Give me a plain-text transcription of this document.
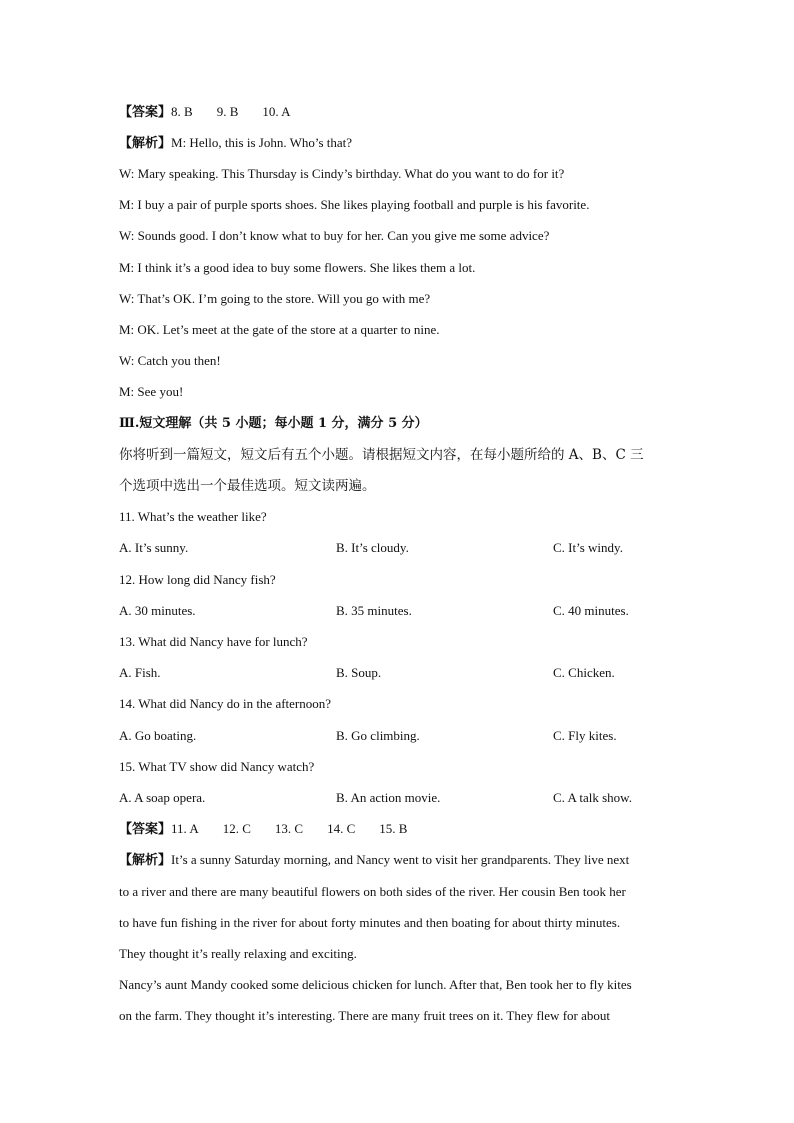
【答案】8. B 9. B 10. A
【解析】M: Hello, this is John. Who’s that?
W: Mary speaking. This Thursday is Cindy’s birthday. What do you want to do for it?
M: I buy a pair of purple sports shoes. She likes playing football and purple is his favorite.
W: Sounds good. I don’t know what to buy for her. Can you give me some advice?
M: I think it’s a good idea to buy some flowers. She likes them a lot.
W: That’s OK. I’m going to the store. Will you go with me?
M: OK. Let’s meet at the gate of the store at a quarter to nine.
W: Catch you then!
M: See you!
Ⅲ.短文理解（共 5 小题；每小题 1 分，满分 5 分）
你将听到一篇短文，短文后有五个小题。请根据短文内容，在每小题所给的 A、B、C 三
个选项中选出一个最佳选项。短文读两遍。
11. What’s the weather like?
A. It’s sunny.	B. It’s cloudy.	C. It’s windy.
12. How long did Nancy fish?
A. 30 minutes.	B. 35 minutes.	C. 40 minutes.
13. What did Nancy have for lunch?
A. Fish.	B. Soup.	C. Chicken.
14. What did Nancy do in the afternoon?
A. Go boating.	B. Go climbing.	C. Fly kites.
15. What TV show did Nancy watch?
A. A soap opera.	B. An action movie.	C. A talk show.
【答案】11. A 12. C 13. C 14. C 15. B
【解析】It’s a sunny Saturday morning, and Nancy went to visit her grandparents. They live next
to a river and there are many beautiful flowers on both sides of the river. Her cousin Ben took her
to have fun fishing in the river for about forty minutes and then boating for about thirty minutes.
They thought it’s really relaxing and exciting.
Nancy’s aunt Mandy cooked some delicious chicken for lunch. After that, Ben took her to fly kites
on the farm. They thought it’s interesting. There are many fruit trees on it. They flew for about
